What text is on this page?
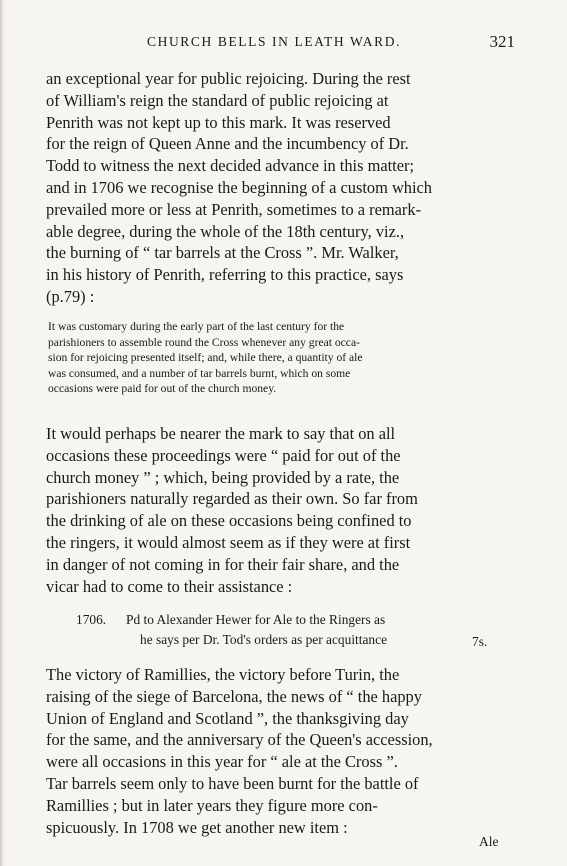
CHURCH BELLS IN LEATH WARD.	321

an exceptional year for public rejoicing. During the rest
of William's reign the standard of public rejoicing at
Penrith was not kept up to this mark. It was reserved
for the reign of Queen Anne and the incumbency of Dr.
Todd to witness the next decided advance in this matter;
and in 1706 we recognise the beginning of a custom which
prevailed more or less at Penrith, sometimes to a remark-
able degree, during the whole of the 18th century, viz.,
the burning of “ tar barrels at the Cross ”. Mr. Walker,
in his history of Penrith, referring to this practice, says
(p.79) :

It was customary during the early part of the last century for the
parishioners to assemble round the Cross whenever any great occa-
sion for rejoicing presented itself; and, while there, a quantity of ale
was consumed, and a number of tar barrels burnt, which on some
occasions were paid for out of the church money.

It would perhaps be nearer the mark to say that on all
occasions these proceedings were “ paid for out of the
church money ” ; which, being provided by a rate, the
parishioners naturally regarded as their own. So far from
the drinking of ale on these occasions being confined to
the ringers, it would almost seem as if they were at first
in danger of not coming in for their fair share, and the
vicar had to come to their assistance :

1706. Pd to Alexander Hewer for Ale to the Ringers as
he says per Dr. Tod's orders as per acquittance	7s.

The victory of Ramillies, the victory before Turin, the
raising of the siege of Barcelona, the news of “ the happy
Union of England and Scotland ”, the thanksgiving day
for the same, and the anniversary of the Queen's accession,
were all occasions in this year for “ ale at the Cross ”.
Tar barrels seem only to have been burnt for the battle of
Ramillies ; but in later years they figure more con-
spicuously. In 1708 we get another new item :

Ale
